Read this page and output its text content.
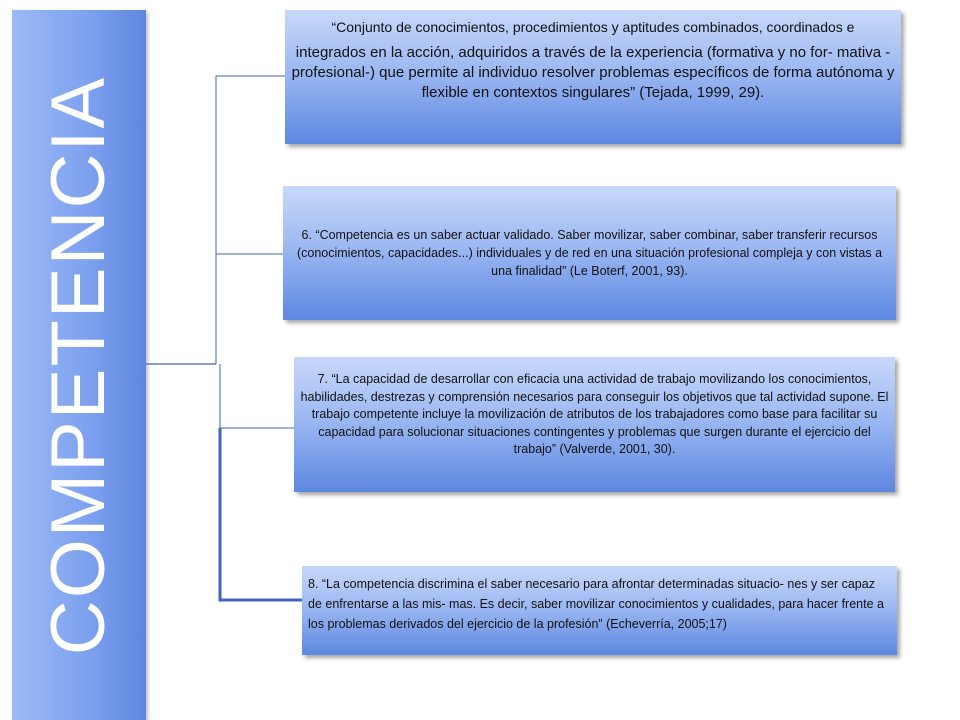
COMPETENCIA
“Conjunto de conocimientos, procedimientos y aptitudes combinados, coordinados e
integrados en la acción, adquiridos a través de la experiencia (formativa y no for- mativa -profesional-) que permite al individuo resolver problemas específicos de forma autónoma y flexible en contextos singulares” (Tejada, 1999, 29).
6. “Competencia es un saber actuar validado. Saber movilizar, saber combinar, saber transferir recursos (conocimientos, capacidades...) individuales y de red en una situación profesional compleja y con vistas a una finalidad” (Le Boterf, 2001, 93).
7. “La capacidad de desarrollar con eficacia una actividad de trabajo movilizando los conocimientos, habilidades, destrezas y comprensión necesarios para conseguir los objetivos que tal actividad supone. El trabajo competente incluye la movilización de atributos de los trabajadores como base para facilitar su capacidad para solucionar situaciones contingentes y problemas que surgen durante el ejercicio del trabajo” (Valverde, 2001, 30).
8. “La competencia discrimina el saber necesario para afrontar determinadas situacio- nes y ser capaz de enfrentarse a las mis- mas. Es decir, saber movilizar conocimientos y cualidades, para hacer frente a los problemas derivados del ejercicio de la profesión” (Echeverría, 2005;17)
